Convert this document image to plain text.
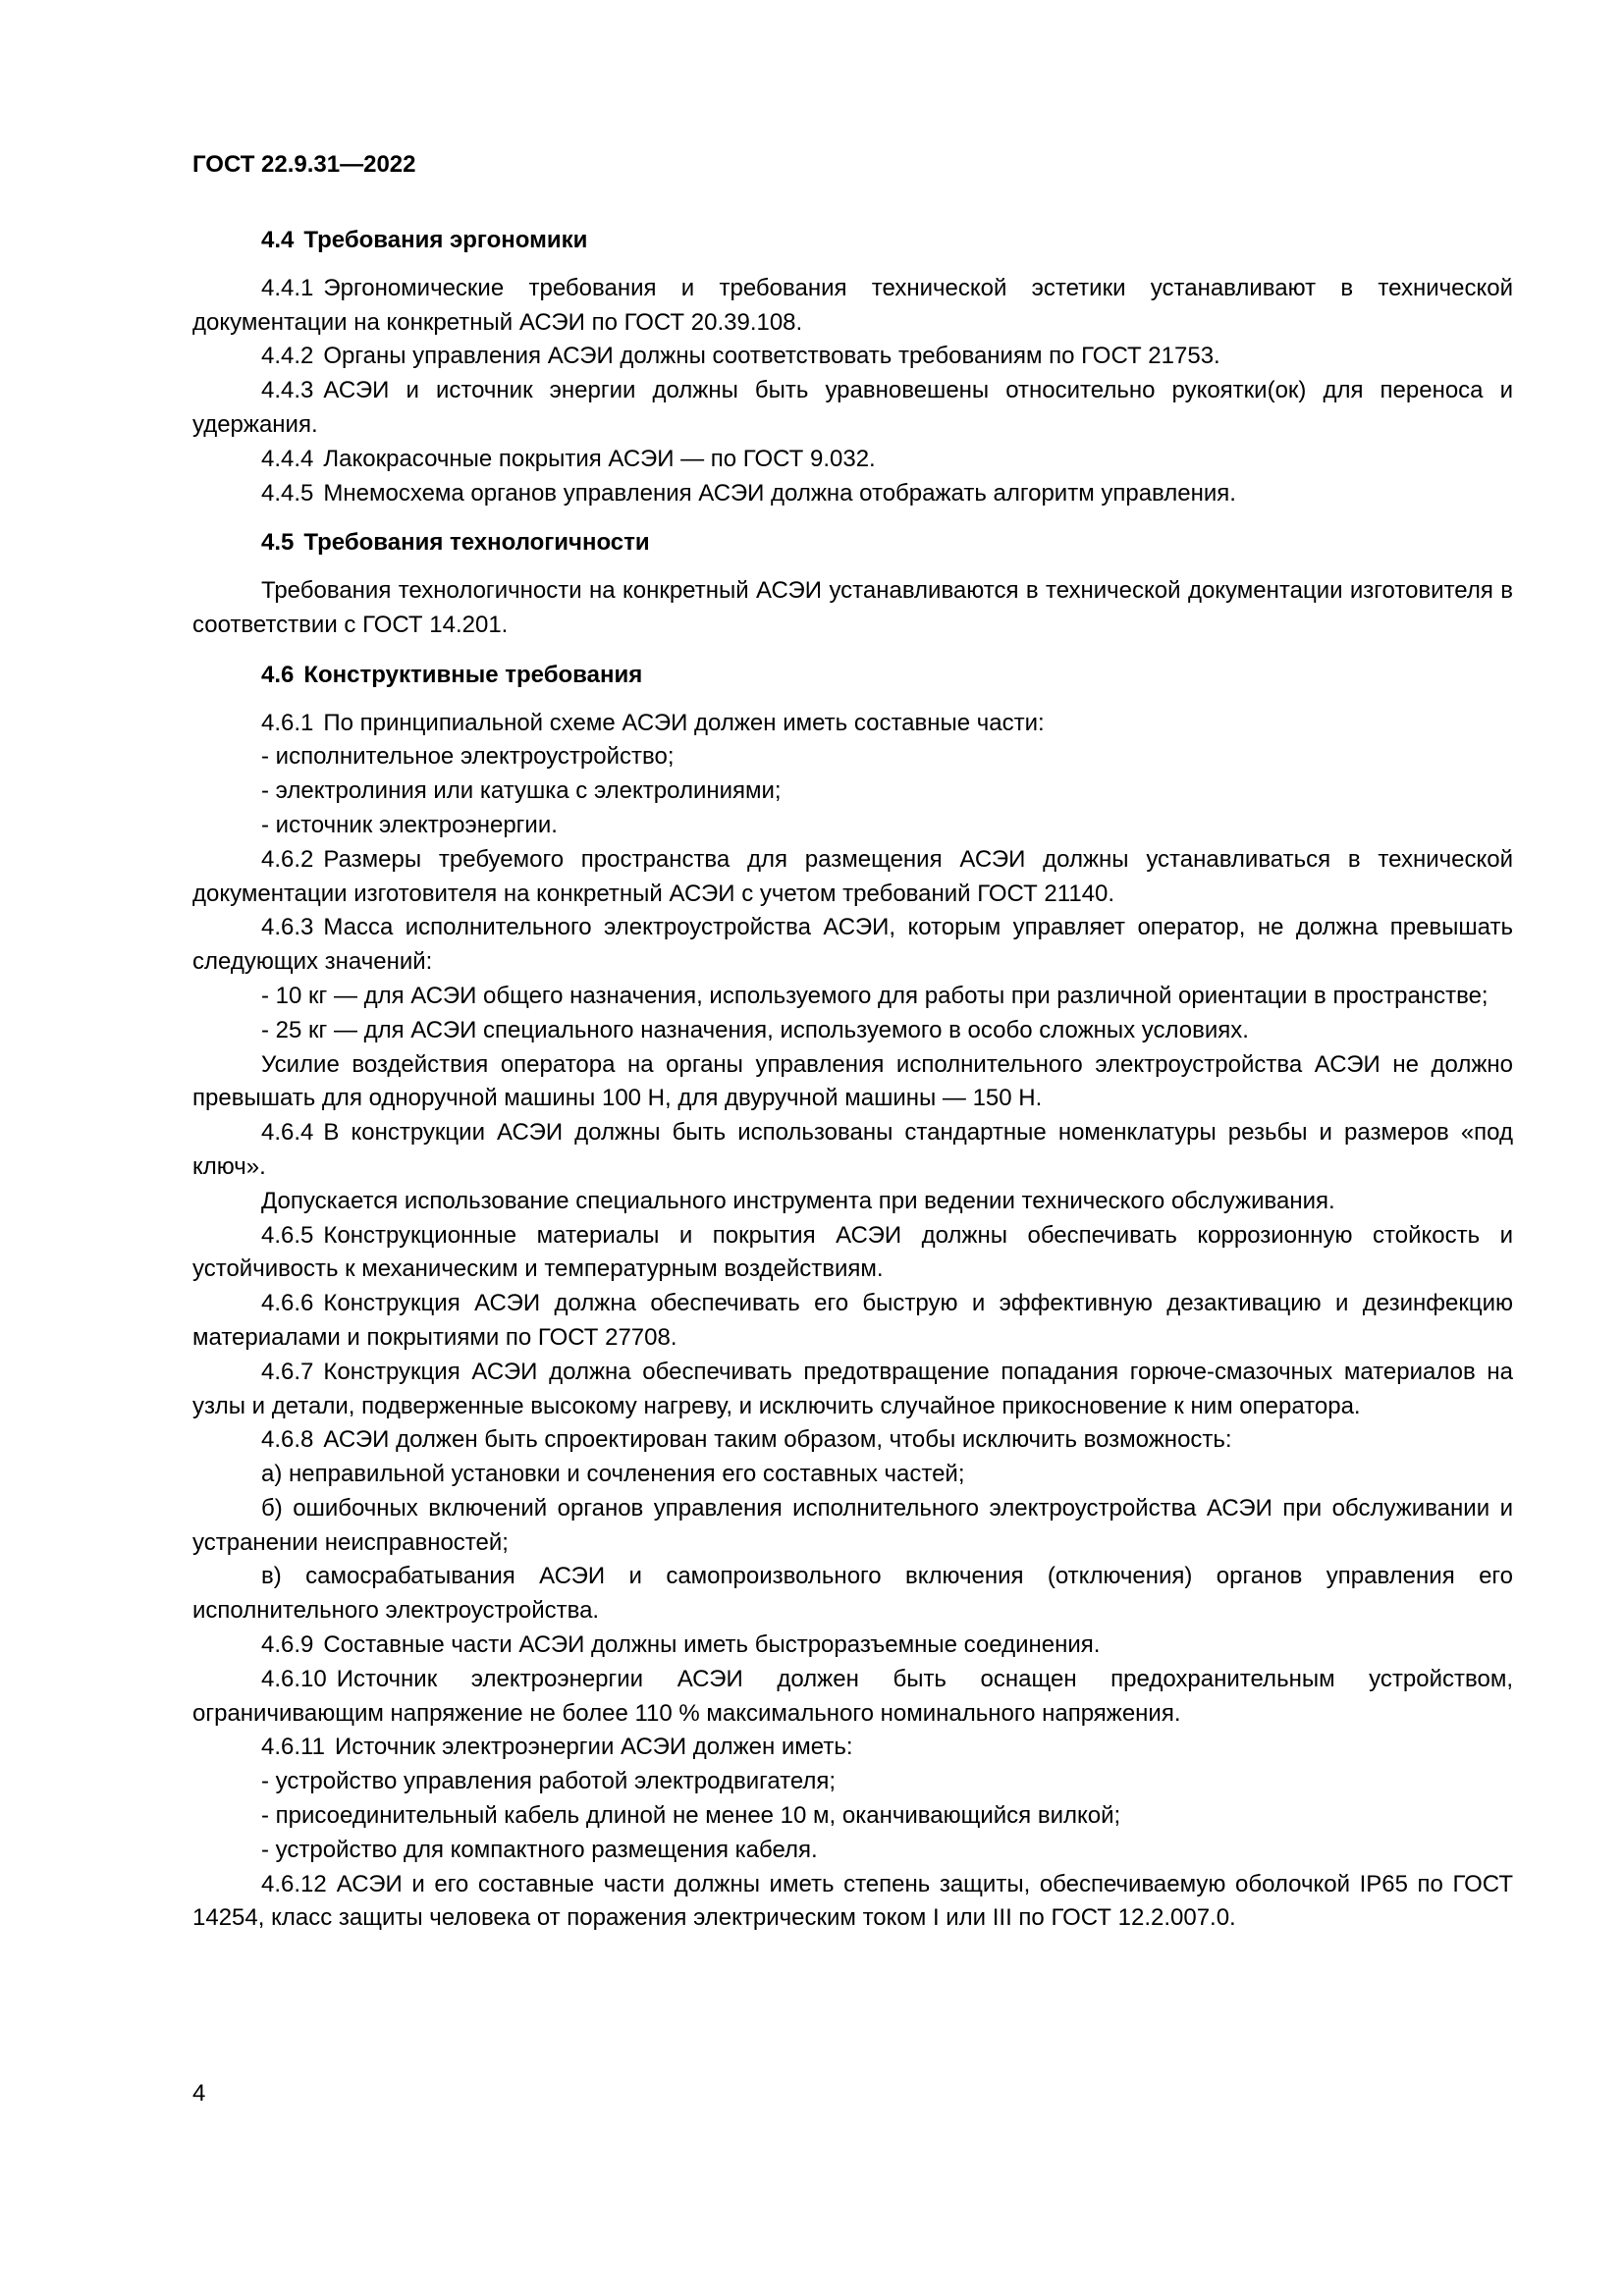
ГОСТ 22.9.31—2022

4.4 Требования эргономики

4.4.1 Эргономические требования и требования технической эстетики устанавливают в технической документации на конкретный АСЭИ по ГОСТ 20.39.108.

4.4.2 Органы управления АСЭИ должны соответствовать требованиям по ГОСТ 21753.

4.4.3 АСЭИ и источник энергии должны быть уравновешены относительно рукоятки(ок) для переноса и удержания.

4.4.4 Лакокрасочные покрытия АСЭИ — по ГОСТ 9.032.

4.4.5 Мнемосхема органов управления АСЭИ должна отображать алгоритм управления.

4.5 Требования технологичности

Требования технологичности на конкретный АСЭИ устанавливаются в технической документации изготовителя в соответствии с ГОСТ 14.201.

4.6 Конструктивные требования

4.6.1 По принципиальной схеме АСЭИ должен иметь составные части:

- исполнительное электроустройство;

- электролиния или катушка с электролиниями;

- источник электроэнергии.

4.6.2 Размеры требуемого пространства для размещения АСЭИ должны устанавливаться в технической документации изготовителя на конкретный АСЭИ с учетом требований ГОСТ 21140.

4.6.3 Масса исполнительного электроустройства АСЭИ, которым управляет оператор, не должна превышать следующих значений:

- 10 кг — для АСЭИ общего назначения, используемого для работы при различной ориентации в пространстве;

- 25 кг — для АСЭИ специального назначения, используемого в особо сложных условиях.

Усилие воздействия оператора на органы управления исполнительного электроустройства АСЭИ не должно превышать для одноручной машины 100 Н, для двуручной машины — 150 Н.

4.6.4 В конструкции АСЭИ должны быть использованы стандартные номенклатуры резьбы и размеров «под ключ».

Допускается использование специального инструмента при ведении технического обслуживания.

4.6.5 Конструкционные материалы и покрытия АСЭИ должны обеспечивать коррозионную стойкость и устойчивость к механическим и температурным воздействиям.

4.6.6 Конструкция АСЭИ должна обеспечивать его быструю и эффективную дезактивацию и дезинфекцию материалами и покрытиями по ГОСТ 27708.

4.6.7 Конструкция АСЭИ должна обеспечивать предотвращение попадания горюче-смазочных материалов на узлы и детали, подверженные высокому нагреву, и исключить случайное прикосновение к ним оператора.

4.6.8 АСЭИ должен быть спроектирован таким образом, чтобы исключить возможность:

а) неправильной установки и сочленения его составных частей;

б) ошибочных включений органов управления исполнительного электроустройства АСЭИ при обслуживании и устранении неисправностей;

в) самосрабатывания АСЭИ и самопроизвольного включения (отключения) органов управления его исполнительного электроустройства.

4.6.9 Составные части АСЭИ должны иметь быстроразъемные соединения.

4.6.10 Источник электроэнергии АСЭИ должен быть оснащен предохранительным устройством, ограничивающим напряжение не более 110 % максимального номинального напряжения.

4.6.11 Источник электроэнергии АСЭИ должен иметь:

- устройство управления работой электродвигателя;

- присоединительный кабель длиной не менее 10 м, оканчивающийся вилкой;

- устройство для компактного размещения кабеля.

4.6.12 АСЭИ и его составные части должны иметь степень защиты, обеспечиваемую оболочкой IP65 по ГОСТ 14254, класс защиты человека от поражения электрическим током I или III по ГОСТ 12.2.007.0.

4
